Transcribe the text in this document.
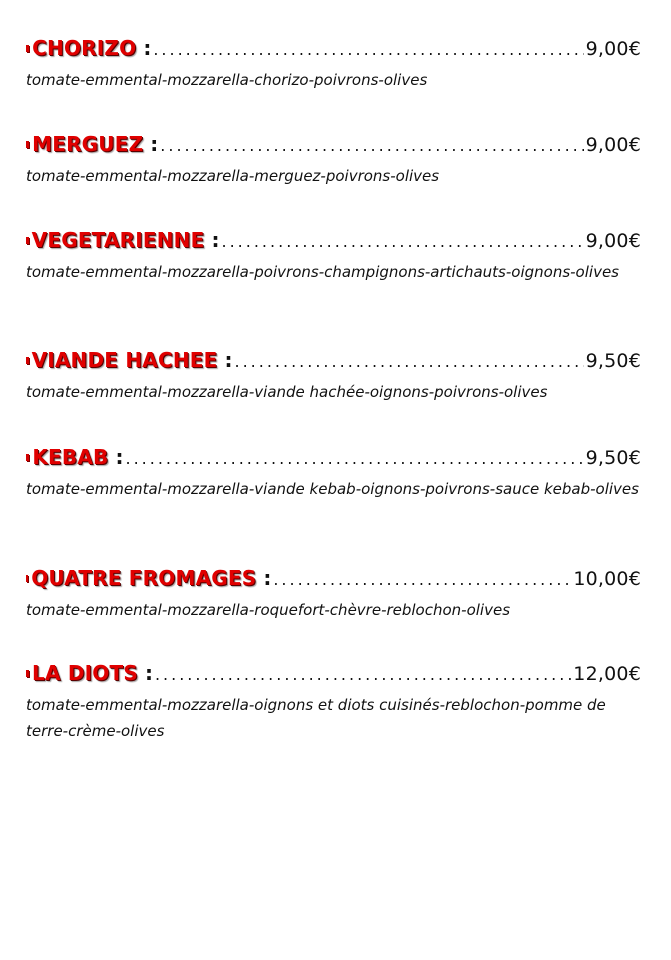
CHORIZO : .....	9,00€
tomate-emmental-mozzarella-chorizo-poivrons-olives
MERGUEZ : .....	9,00€
tomate-emmental-mozzarella-merguez-poivrons-olives
VEGETARIENNE : .....	9,00€
tomate-emmental-mozzarella-poivrons-champignons-artichauts-oignons-olives
VIANDE HACHEE : .....	9,50€
tomate-emmental-mozzarella-viande hachée-oignons-poivrons-olives
KEBAB : .....	9,50€
tomate-emmental-mozzarella-viande kebab-oignons-poivrons-sauce kebab-olives
QUATRE FROMAGES : .....	10,00€
tomate-emmental-mozzarella-roquefort-chèvre-reblochon-olives
LA DIOTS : .....	12,00€
tomate-emmental-mozzarella-oignons et diots cuisinés-reblochon-pomme de terre-crème-olives
